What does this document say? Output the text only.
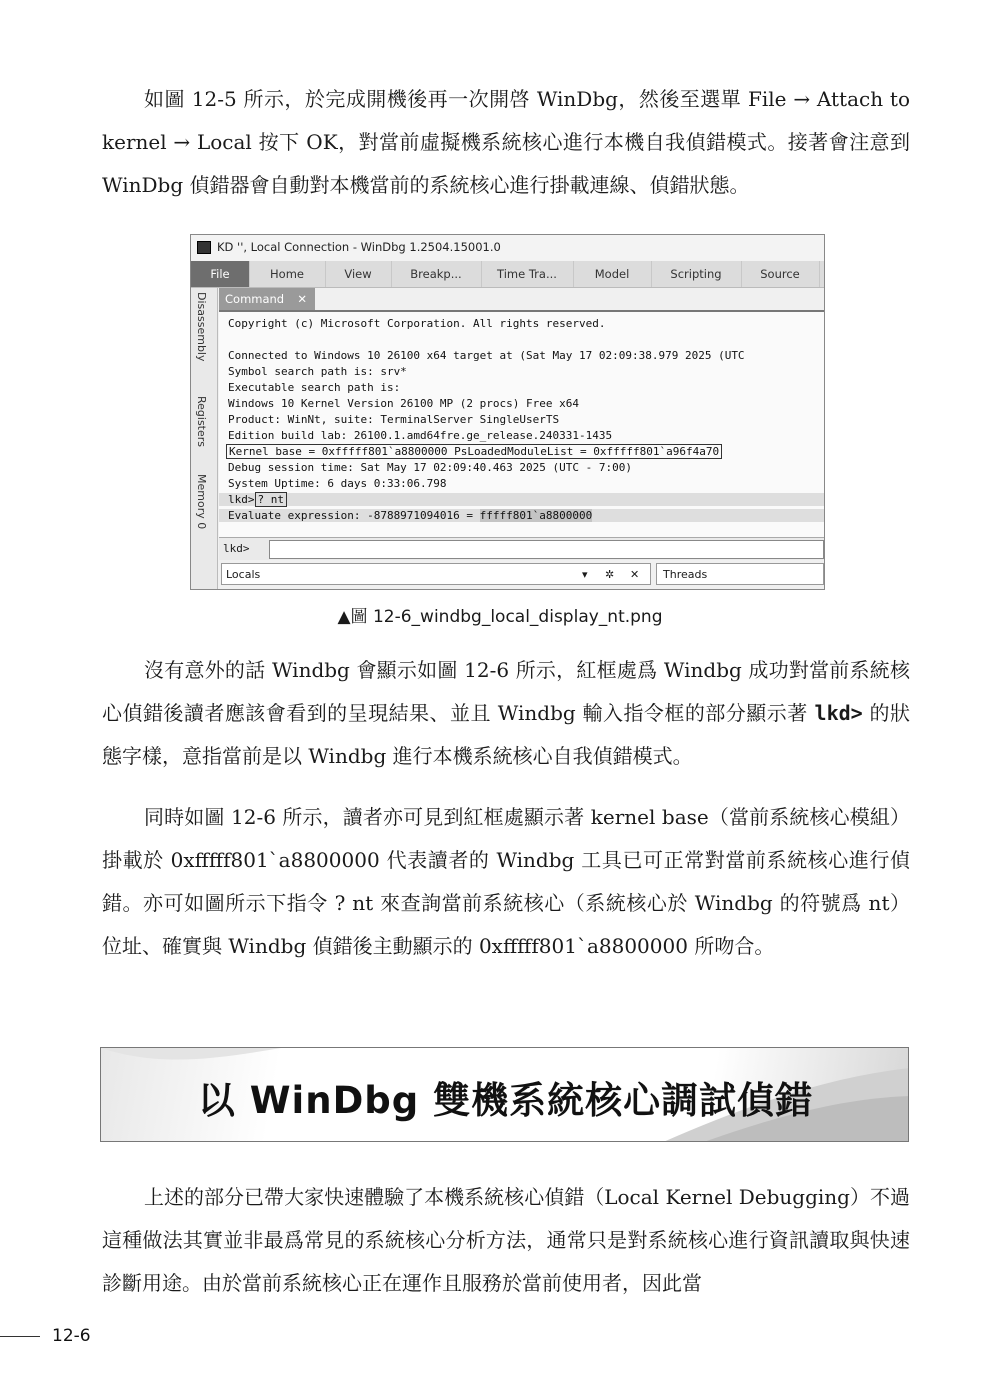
如圖 12-5 所示，於完成開機後再一次開啓 WinDbg，然後至選單 File → Attach to kernel → Local 按下 OK，對當前虛擬機系統核心進行本機自我偵錯模式。接著會注意到 WinDbg 偵錯器會自動對本機當前的系統核心進行掛載連線、偵錯狀態。

KD '', Local Connection - WinDbg 1.2504.15001.0
File	Home	View	Breakp...	Time Tra...	Model	Scripting	Source
Disassembly
Registers
Memory 0
Command ✕
Copyright (c) Microsoft Corporation. All rights reserved.
Connected to Windows 10 26100 x64 target at (Sat May 17 02:09:38.979 2025 (UTC
Symbol search path is: srv*
Executable search path is:
Windows 10 Kernel Version 26100 MP (2 procs) Free x64
Product: WinNt, suite: TerminalServer SingleUserTS
Edition build lab: 26100.1.amd64fre.ge_release.240331-1435
Kernel base = 0xfffff801`a8800000 PsLoadedModuleList = 0xfffff801`a96f4a70
Debug session time: Sat May 17 02:09:40.463 2025 (UTC - 7:00)
System Uptime: 6 days 0:33:06.798
lkd> ? nt
Evaluate expression: -8788971094016 = fffff801`a8800000
lkd>
Locals	▾ ✲ ✕	Threads
▲圖 12-6_windbg_local_display_nt.png

沒有意外的話 Windbg 會顯示如圖 12-6 所示，紅框處爲 Windbg 成功對當前系統核心偵錯後讀者應該會看到的呈現結果、並且 Windbg 輸入指令框的部分顯示著 lkd> 的狀態字樣，意指當前是以 Windbg 進行本機系統核心自我偵錯模式。

同時如圖 12-6 所示，讀者亦可見到紅框處顯示著 kernel base（當前系統核心模組）掛載於 0xfffff801`a8800000 代表讀者的 Windbg 工具已可正常對當前系統核心進行偵錯。亦可如圖所示下指令 ? nt 來查詢當前系統核心（系統核心於 Windbg 的符號爲 nt）位址、確實與 Windbg 偵錯後主動顯示的 0xfffff801`a8800000 所吻合。

以 WinDbg 雙機系統核心調試偵錯

上述的部分已帶大家快速體驗了本機系統核心偵錯（Local Kernel Debugging）不過這種做法其實並非最爲常見的系統核心分析方法，通常只是對系統核心進行資訊讀取與快速診斷用途。由於當前系統核心正在運作且服務於當前使用者，因此當

12-6
